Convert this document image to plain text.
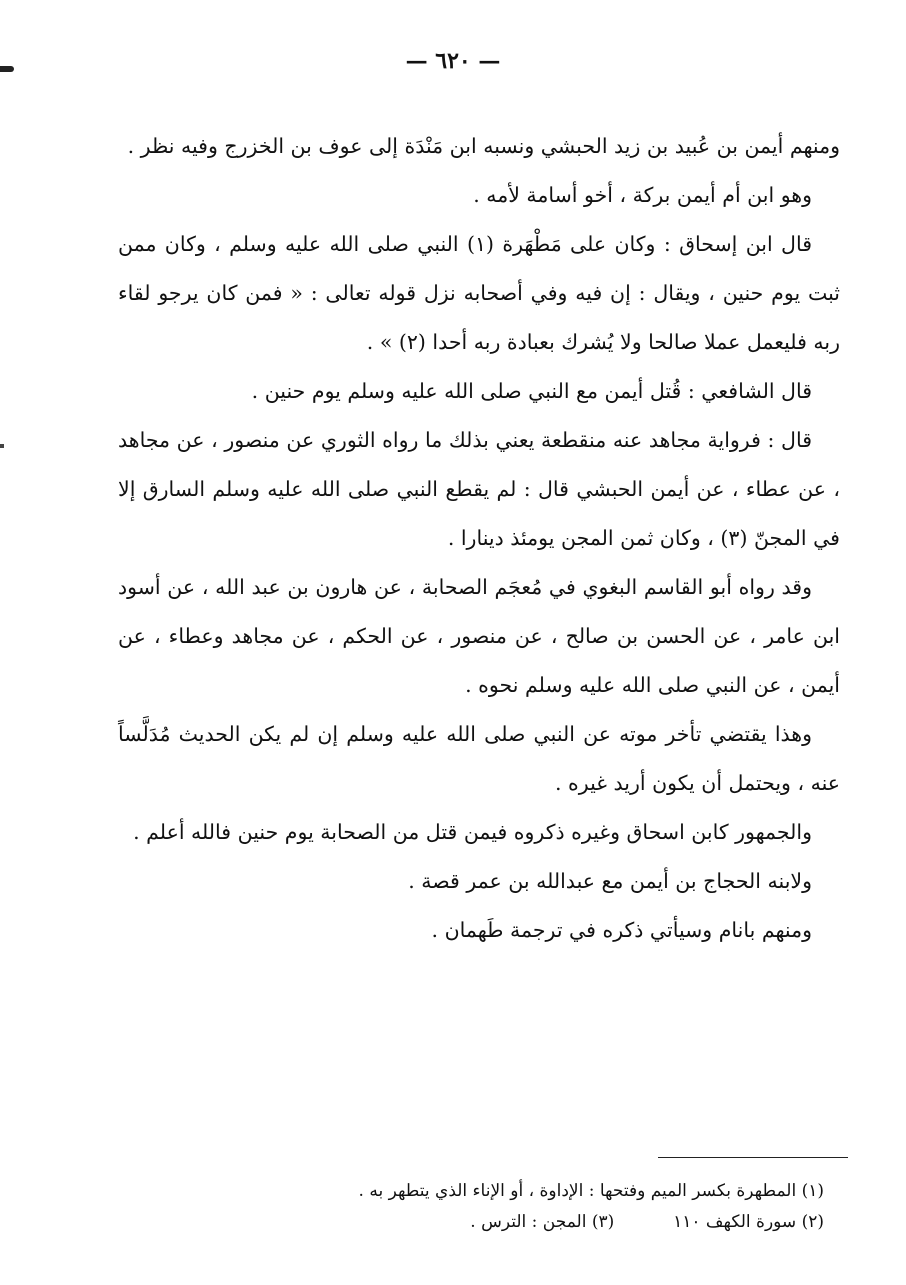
— ٦٢٠ —

ومنهم أيمن بن عُبيد بن زيد الحبشي ونسبه ابن مَنْدَة إلى عوف بن الخزرج وفيه نظر .

وهو ابن أم أيمن بركة ، أخو أسامة لأمه .

قال ابن إسحاق : وكان على مَطْهَرة (١) النبي صلى الله عليه وسلم ، وكان ممن ثبت يوم حنين ، ويقال : إن فيه وفي أصحابه نزل قوله تعالى : « فمن كان يرجو لقاء ربه فليعمل عملا صالحا ولا يُشرك بعبادة ربه أحدا (٢) » .

قال الشافعي : قُتل أيمن مع النبي صلى الله عليه وسلم يوم حنين .

قال : فرواية مجاهد عنه منقطعة يعني بذلك ما رواه الثوري عن منصور ، عن مجاهد ، عن عطاء ، عن أيمن الحبشي قال : لم يقطع النبي صلى الله عليه وسلم السارق إلا في المجنّ (٣) ، وكان ثمن المجن يومئذ دينارا .

وقد رواه أبو القاسم البغوي في مُعجَم الصحابة ، عن هارون بن عبد الله ، عن أسود ابن عامر ، عن الحسن بن صالح ، عن منصور ، عن الحكم ، عن مجاهد وعطاء ، عن أيمن ، عن النبي صلى الله عليه وسلم نحوه .

وهذا يقتضي تأخر موته عن النبي صلى الله عليه وسلم إن لم يكن الحديث مُدَلَّساً عنه ، ويحتمل أن يكون أريد غيره .

والجمهور كابن اسحاق وغيره ذكروه فيمن قتل من الصحابة يوم حنين فالله أعلم .

ولابنه الحجاج بن أيمن مع عبدالله بن عمر قصة .

ومنهم بانام وسيأتي ذكره في ترجمة طَهمان .

(١) المطهرة بكسر الميم وفتحها : الإداوة ، أو الإناء الذي يتطهر به .
(٢) سورة الكهف ١١٠  (٣) المجن : الترس .
